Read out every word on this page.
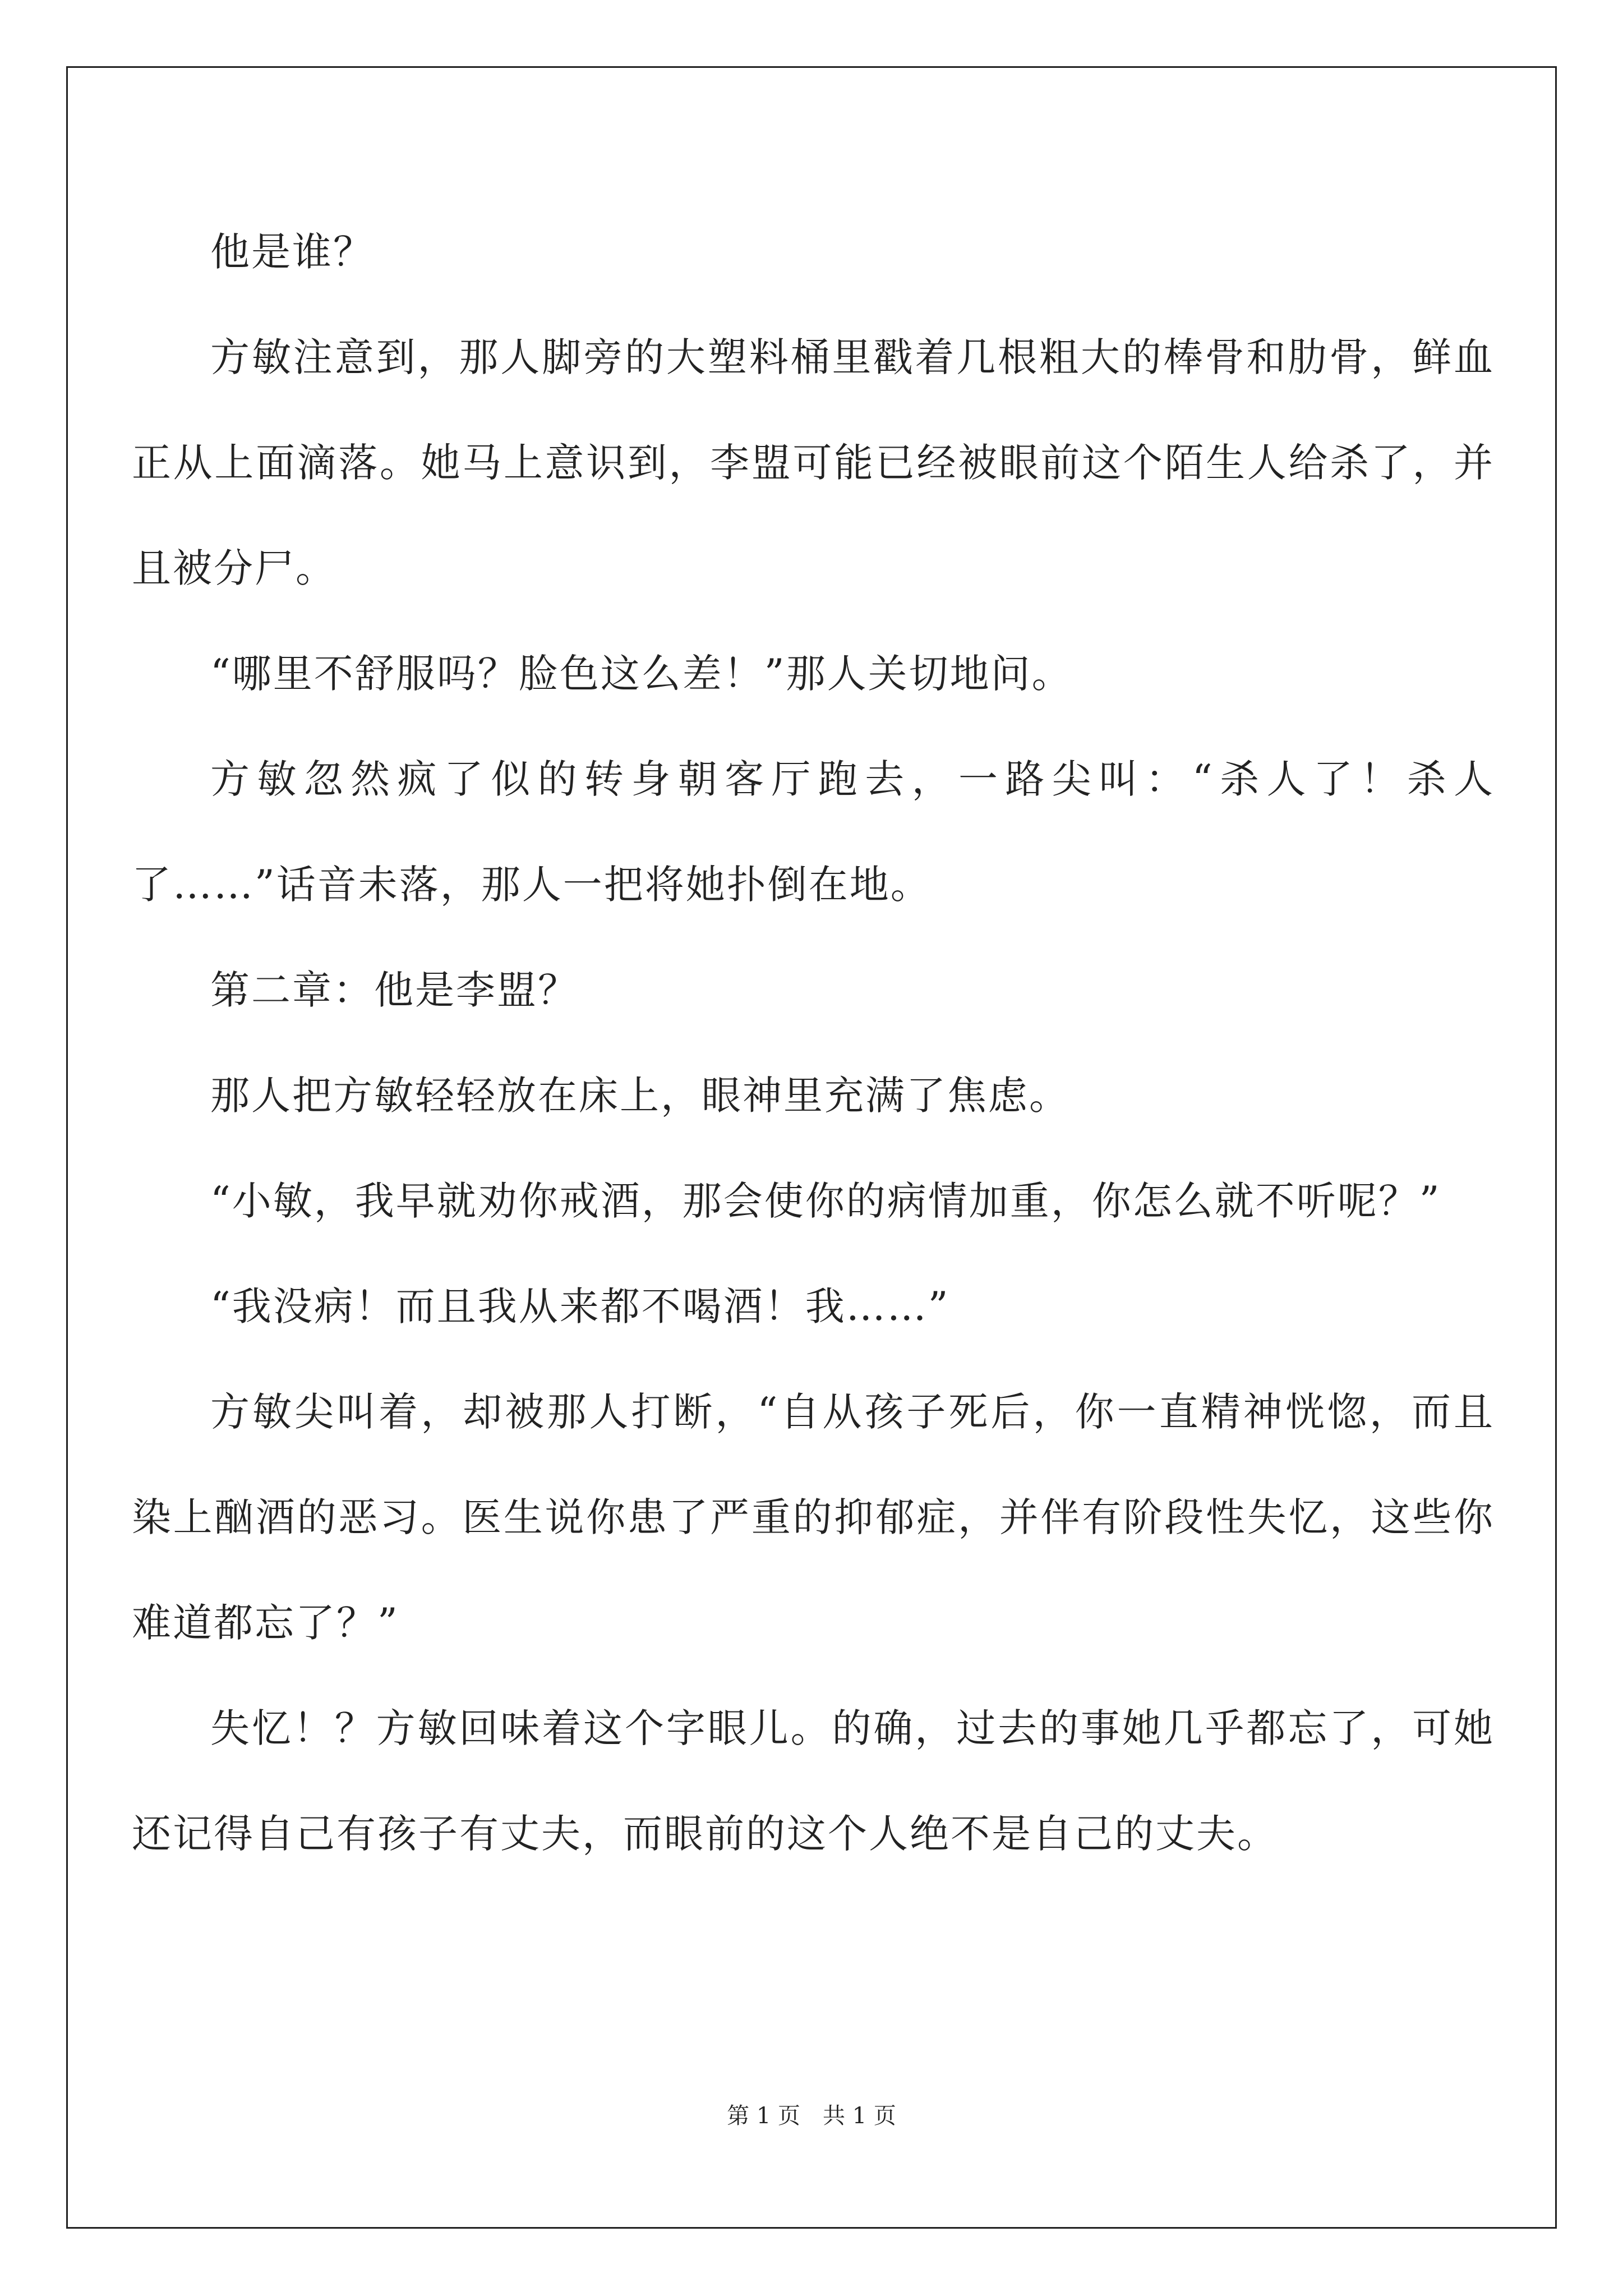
他是谁？

方敏注意到，那人脚旁的大塑料桶里戳着几根粗大的棒骨和肋骨，鲜血正从上面滴落。她马上意识到，李盟可能已经被眼前这个陌生人给杀了，并且被分尸。

“哪里不舒服吗？脸色这么差！”那人关切地问。

方敏忽然疯了似的转身朝客厅跑去，一路尖叫：“杀人了！杀人了……”话音未落，那人一把将她扑倒在地。

第二章：他是李盟？

那人把方敏轻轻放在床上，眼神里充满了焦虑。

“小敏，我早就劝你戒酒，那会使你的病情加重，你怎么就不听呢？”

“我没病！而且我从来都不喝酒！我……”

方敏尖叫着，却被那人打断，“自从孩子死后，你一直精神恍惚，而且染上酗酒的恶习。医生说你患了严重的抑郁症，并伴有阶段性失忆，这些你难道都忘了？”

失忆！？方敏回味着这个字眼儿。的确，过去的事她几乎都忘了，可她还记得自己有孩子有丈夫，而眼前的这个人绝不是自己的丈夫。

第 1 页　共 1 页
